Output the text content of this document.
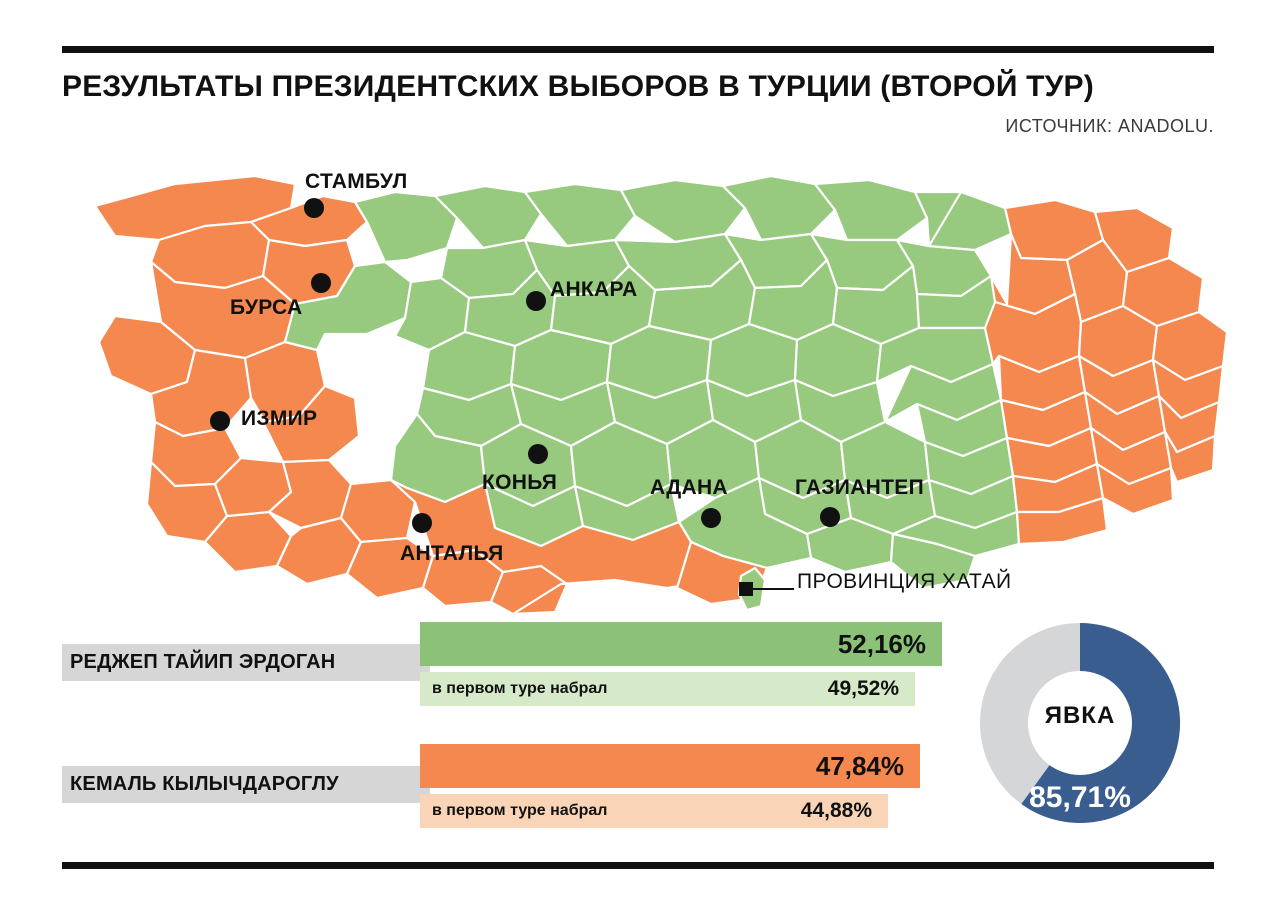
РЕЗУЛЬТАТЫ ПРЕЗИДЕНТСКИХ ВЫБОРОВ В ТУРЦИИ (ВТОРОЙ ТУР)
ИСТОЧНИК: ANADOLU.
СТАМБУЛ
БУРСА
АНКАРА
ИЗМИР
КОНЬЯ	АДАНА	ГАЗИАНТЕП
АНТАЛЬЯ
ПРОВИНЦИЯ ХАТАЙ
РЕДЖЕП ТАЙИП ЭРДОГАН
52,16%
в первом туре набрал	49,52%
КЕМАЛЬ КЫЛЫЧДАРОГЛУ
47,84%
в первом туре набрал	44,88%
ЯВКА
85,71%
